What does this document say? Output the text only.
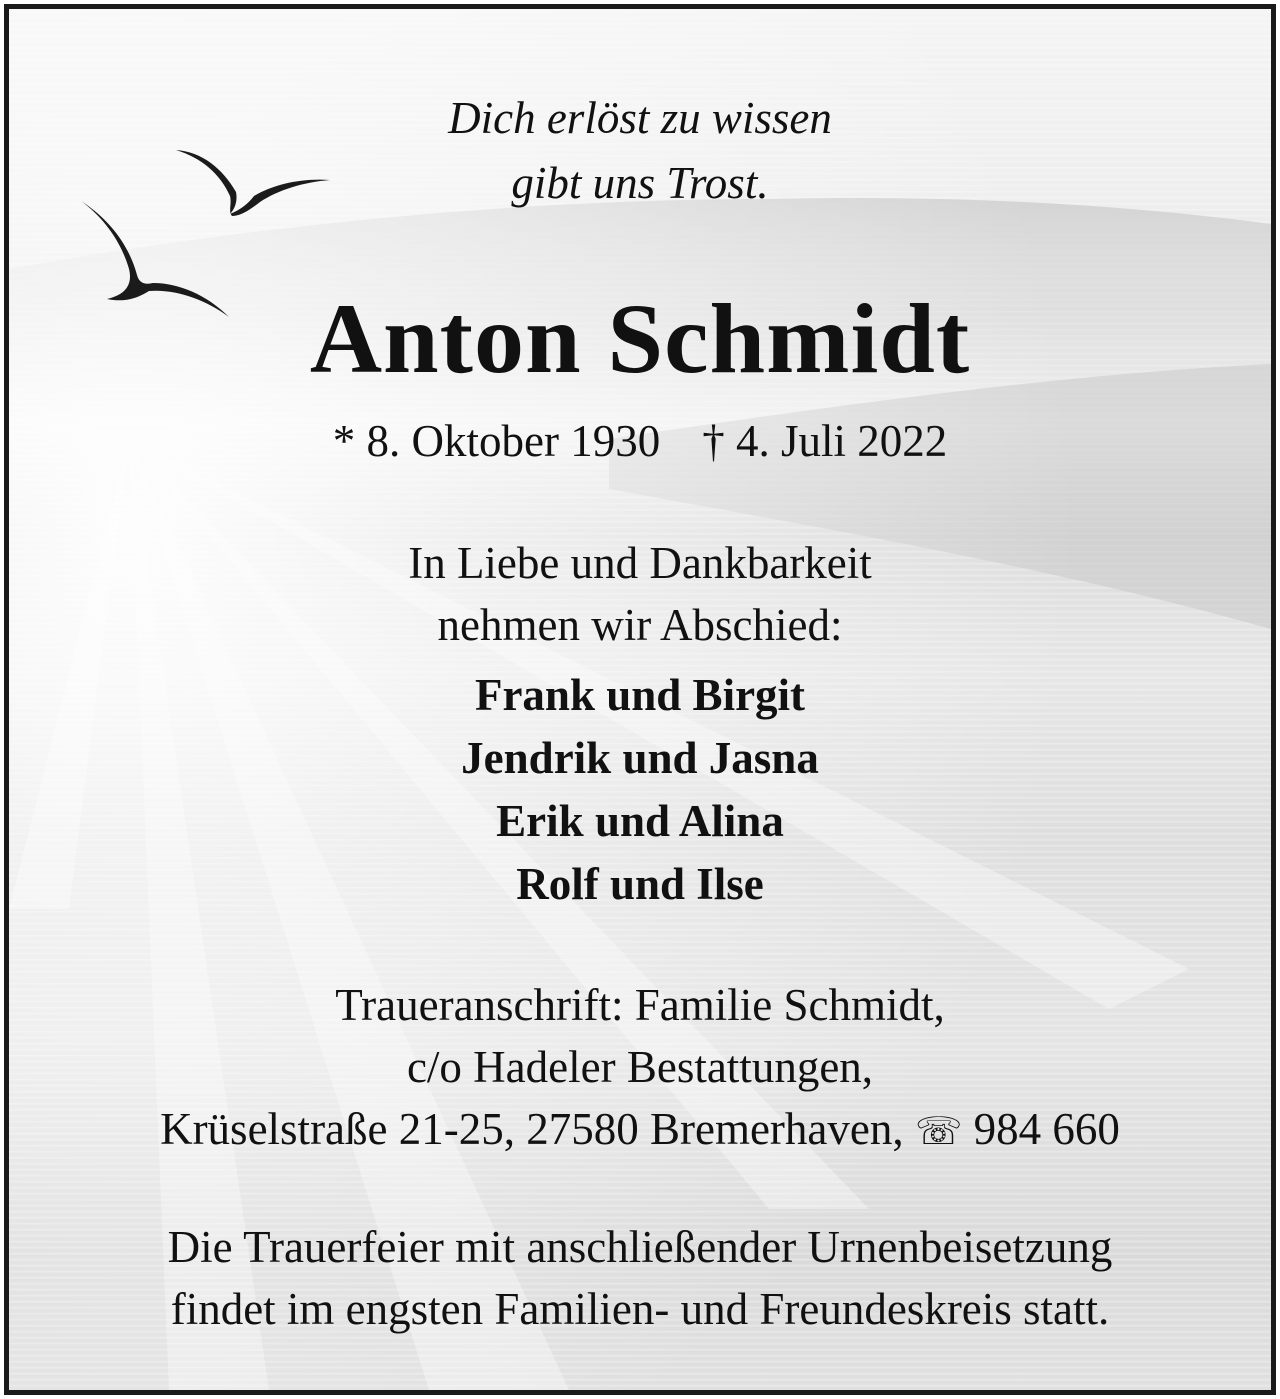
Dich erlöst zu wissen
gibt uns Trost.
Anton Schmidt
* 8. Oktober 1930 † 4. Juli 2022
In Liebe und Dankbarkeit
nehmen wir Abschied:
Frank und Birgit
Jendrik und Jasna
Erik und Alina
Rolf und Ilse
Traueranschrift: Familie Schmidt,
c/o Hadeler Bestattungen,
Krüselstraße 21-25, 27580 Bremerhaven, ☏ 984 660
Die Trauerfeier mit anschließender Urnenbeisetzung
findet im engsten Familien- und Freundeskreis statt.
